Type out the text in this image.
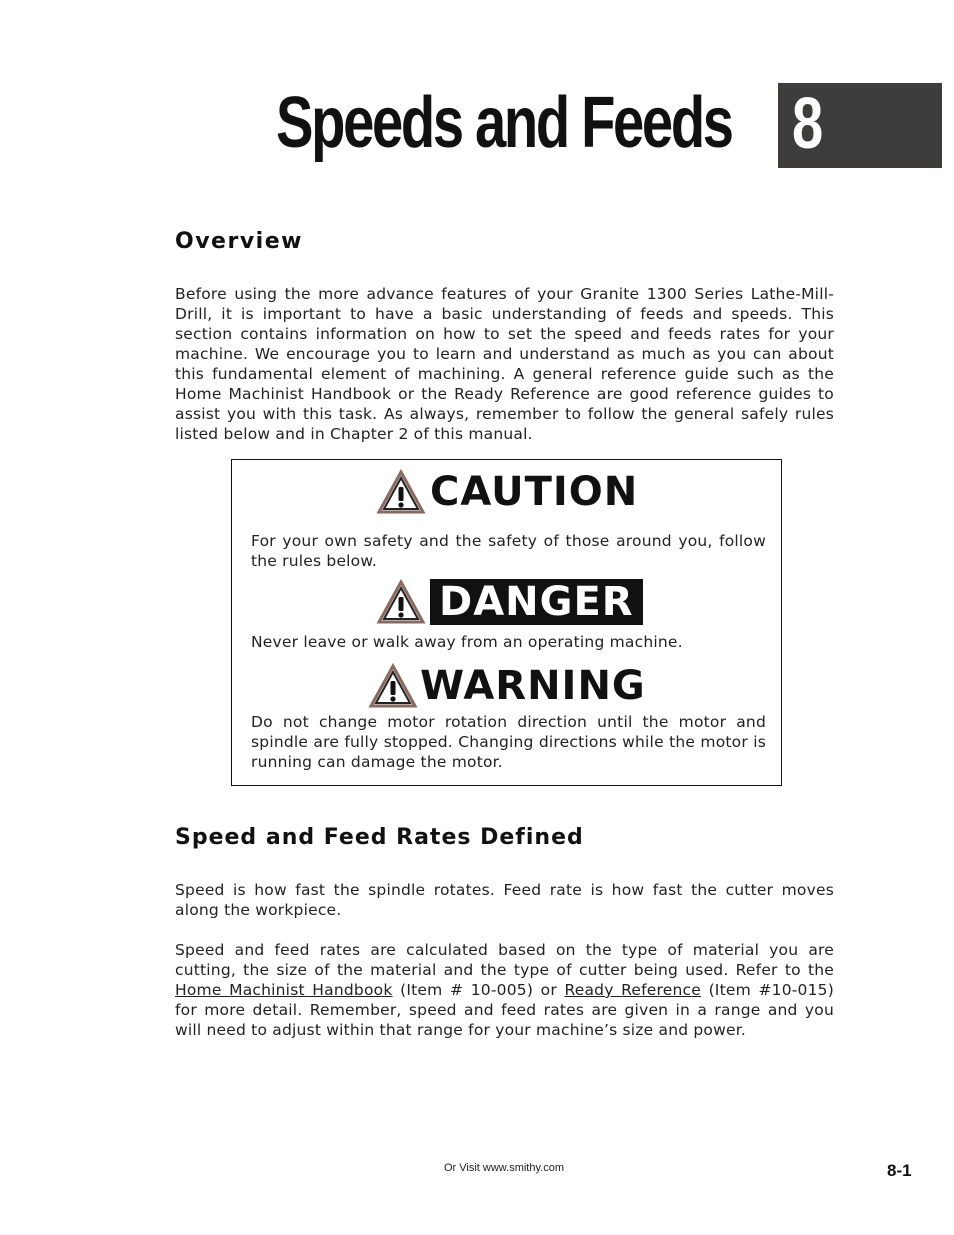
Speeds and Feeds 8
Overview
Before using the more advance features of your Granite 1300 Series Lathe-Mill-Drill, it is important to have a basic understanding of feeds and speeds. This section contains information on how to set the speed and feeds rates for your machine. We encourage you to learn and understand as much as you can about this fundamental element of machining. A general reference guide such as the Home Machinist Handbook or the Ready Reference are good reference guides to assist you with this task. As always, remember to follow the general safely rules listed below and in Chapter 2 of this manual.
CAUTION
For your own safety and the safety of those around you, follow the rules below.
DANGER
Never leave or walk away from an operating machine.
WARNING
Do not change motor rotation direction until the motor and spindle are fully stopped. Changing directions while the motor is running can damage the motor.
Speed and Feed Rates Defined
Speed is how fast the spindle rotates. Feed rate is how fast the cutter moves along the workpiece.
Speed and feed rates are calculated based on the type of material you are cutting, the size of the material and the type of cutter being used. Refer to the Home Machinist Handbook (Item # 10-005) or Ready Reference (Item #10-015) for more detail. Remember, speed and feed rates are given in a range and you will need to adjust within that range for your machine’s size and power.
Or Visit www.smithy.com	8-1
